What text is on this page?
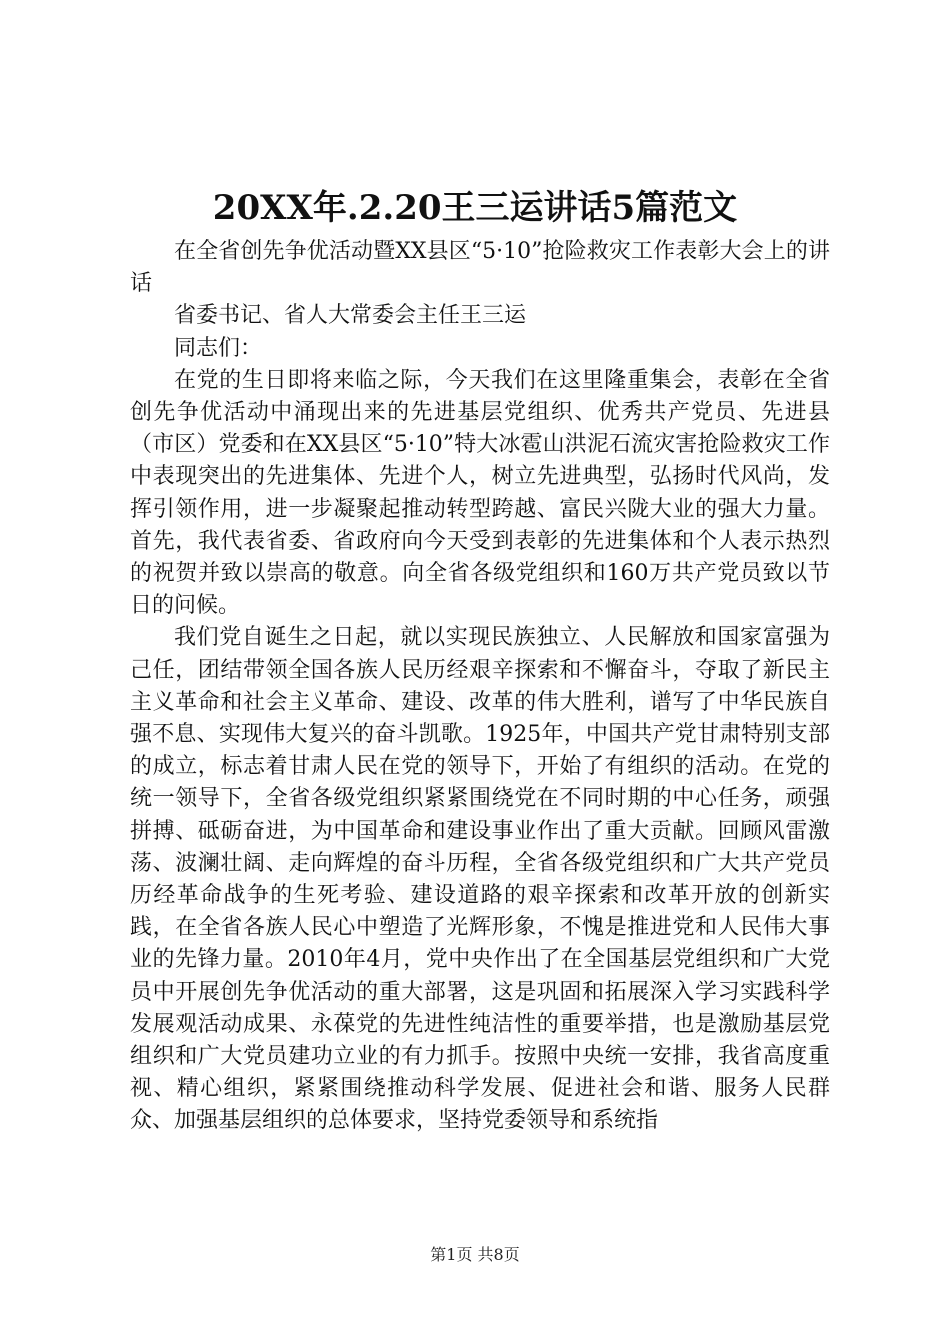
20XX年.2.20王三运讲话5篇范文

在全省创先争优活动暨XX县区“5·10”抢险救灾工作表彰大会上的讲话

省委书记、省人大常委会主任王三运

同志们：

在党的生日即将来临之际，今天我们在这里隆重集会，表彰在全省创先争优活动中涌现出来的先进基层党组织、优秀共产党员、先进县（市区）党委和在XX县区“5·10”特大冰雹山洪泥石流灾害抢险救灾工作中表现突出的先进集体、先进个人，树立先进典型，弘扬时代风尚，发挥引领作用，进一步凝聚起推动转型跨越、富民兴陇大业的强大力量。首先，我代表省委、省政府向今天受到表彰的先进集体和个人表示热烈的祝贺并致以崇高的敬意。向全省各级党组织和160万共产党员致以节日的问候。

我们党自诞生之日起，就以实现民族独立、人民解放和国家富强为己任，团结带领全国各族人民历经艰辛探索和不懈奋斗，夺取了新民主主义革命和社会主义革命、建设、改革的伟大胜利，谱写了中华民族自强不息、实现伟大复兴的奋斗凯歌。1925年，中国共产党甘肃特别支部的成立，标志着甘肃人民在党的领导下，开始了有组织的活动。在党的统一领导下，全省各级党组织紧紧围绕党在不同时期的中心任务，顽强拼搏、砥砺奋进，为中国革命和建设事业作出了重大贡献。回顾风雷激荡、波澜壮阔、走向辉煌的奋斗历程，全省各级党组织和广大共产党员历经革命战争的生死考验、建设道路的艰辛探索和改革开放的创新实践，在全省各族人民心中塑造了光辉形象，不愧是推进党和人民伟大事业的先锋力量。2010年4月，党中央作出了在全国基层党组织和广大党员中开展创先争优活动的重大部署，这是巩固和拓展深入学习实践科学发展观活动成果、永葆党的先进性纯洁性的重要举措，也是激励基层党组织和广大党员建功立业的有力抓手。按照中央统一安排，我省高度重视、精心组织，紧紧围绕推动科学发展、促进社会和谐、服务人民群众、加强基层组织的总体要求，坚持党委领导和系统指

第1页 共8页
